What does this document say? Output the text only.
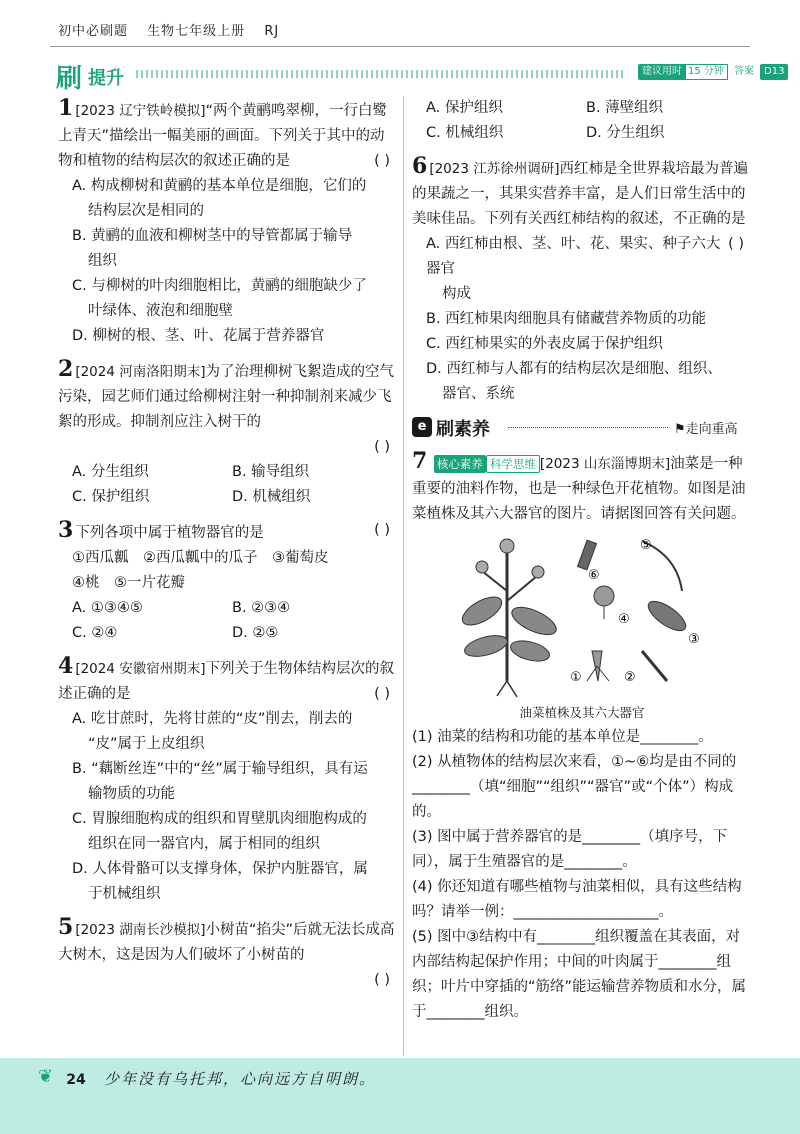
初中必刷题 生物七年级上册 RJ
刷 提升	建议用时 15 分钟	答案	D13
1 [2023 辽宁铁岭模拟]“两个黄鹂鸣翠柳，一行白鹭上青天”描绘出一幅美丽的画面。下列关于其中的动物和植物的结构层次的叙述正确的是	( )
A. 构成柳树和黄鹂的基本单位是细胞，它们的
结构层次是相同的
B. 黄鹂的血液和柳树茎中的导管都属于输导
组织
C. 与柳树的叶肉细胞相比，黄鹂的细胞缺少了
叶绿体、液泡和细胞壁
D. 柳树的根、茎、叶、花属于营养器官
2 [2024 河南洛阳期末]为了治理柳树飞絮造成的空气污染，园艺师们通过给柳树注射一种抑制剂来减少飞絮的形成。抑制剂应注入树干的
( )
A. 分生组织	B. 输导组织
C. 保护组织	D. 机械组织
3 下列各项中属于植物器官的是	( )
①西瓜瓤　②西瓜瓤中的瓜子　③葡萄皮
④桃　⑤一片花瓣
A. ①③④⑤	B. ②③④
C. ②④	D. ②⑤
4 [2024 安徽宿州期末]下列关于生物体结构层次的叙述正确的是	( )
A. 吃甘蔗时，先将甘蔗的“皮”削去，削去的
“皮”属于上皮组织
B. “藕断丝连”中的“丝”属于输导组织，具有运
输物质的功能
C. 胃腺细胞构成的组织和胃壁肌肉细胞构成的
组织在同一器官内，属于相同的组织
D. 人体骨骼可以支撑身体，保护内脏器官，属
于机械组织
5 [2023 湖南长沙模拟]小树苗“掐尖”后就无法长成高大树木，这是因为人们破坏了小树苗的
( )
A. 保护组织	B. 薄壁组织
C. 机械组织	D. 分生组织
6 [2023 江苏徐州调研]西红柿是全世界栽培最为普遍的果蔬之一，其果实营养丰富，是人们日常生活中的美味佳品。下列有关西红柿结构的叙述，不正确的是
( )
A. 西红柿由根、茎、叶、花、果实、种子六大器官
构成
B. 西红柿果肉细胞具有储藏营养物质的功能
C. 西红柿果实的外表皮属于保护组织
D. 西红柿与人都有的结构层次是细胞、组织、
器官、系统
e 刷素养	⚑走向重高
7 核心素养 科学思维 [2023 山东淄博期末]油菜是一种重要的油料作物，也是一种绿色开花植物。如图是油菜植株及其六大器官的图片。请据图回答有关问题。
⑥
⑤
④
③
①	②
油菜植株及其六大器官
(1) 油菜的结构和功能的基本单位是________。
(2) 从植物体的结构层次来看，①~⑥均是由不同的________（填“细胞”“组织”“器官”或“个体”）构成的。
(3) 图中属于营养器官的是________（填序号，下同），属于生殖器官的是________。
(4) 你还知道有哪些植物与油菜相似，具有这些结构吗？请举一例：____________________。
(5) 图中③结构中有________组织覆盖在其表面，对内部结构起保护作用；中间的叶肉属于________组织；叶片中穿插的“筋络”能运输营养物质和水分，属于________组织。
❦ 24 少年没有乌托邦，心向远方自明朗。
